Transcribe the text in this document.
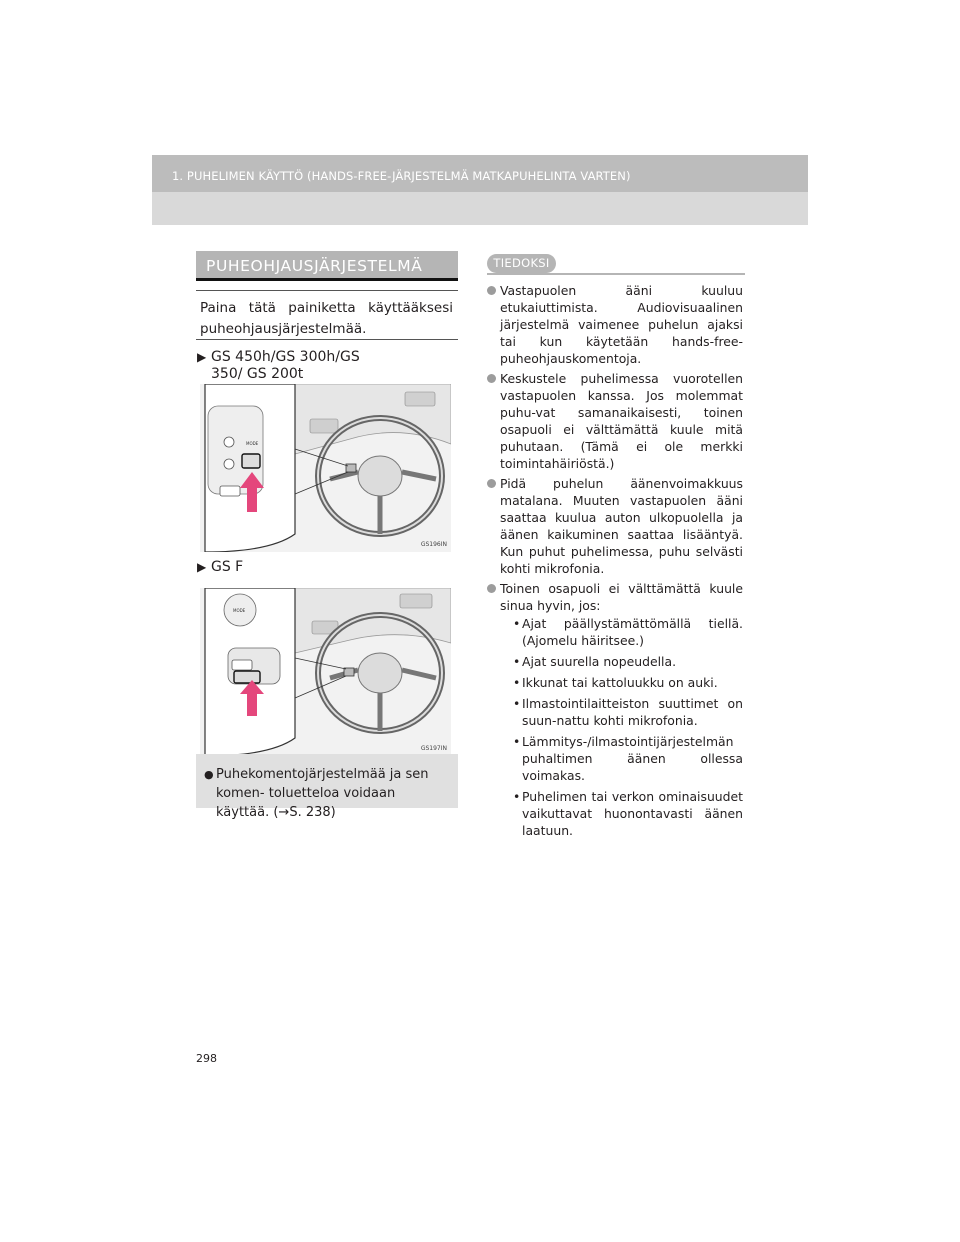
1. PUHELIMEN KÄYTTÖ (HANDS-FREE-JÄRJESTELMÄ MATKAPUHELINTA VARTEN)
PUHEOHJAUSJÄRJESTELMÄ
Paina tätä painiketta käyttääksesi puheohjausjärjestelmää.
▶ GS 450h/GS 300h/GS 350/ GS 200t
MODE
GS196IN
▶ GS F
MODE
GS197IN
● Puhekomentojärjestelmää ja sen komen- toluetteloa voidaan käyttää. (→S. 238)
TIEDOKSI
Vastapuolen ääni kuuluu etukaiuttimista. Audiovisuaalinen järjestelmä vaimenee puhelun ajaksi tai kun käytetään hands-free-puheohjauskomentoja.
Keskustele puhelimessa vuorotellen vastapuolen kanssa. Jos molemmat puhu-vat samanaikaisesti, toinen osapuoli ei välttämättä kuule mitä puhutaan. (Tämä ei ole merkki toimintahäiriöstä.)
Pidä puhelun äänenvoimakkuus matalana. Muuten vastapuolen ääni saattaa kuulua auton ulkopuolella ja äänen kaikuminen saattaa lisääntyä. Kun puhut puhelimessa, puhu selvästi kohti mikrofonia.
Toinen osapuoli ei välttämättä kuule sinua hyvin, jos:
• Ajat päällystämättömällä tiellä. (Ajomelu häiritsee.)
• Ajat suurella nopeudella.
• Ikkunat tai kattoluukku on auki.
• Ilmastointilaitteiston suuttimet on suun-nattu kohti mikrofonia.
• Lämmitys-/ilmastointijärjestelmän puhaltimen äänen ollessa voimakas.
• Puhelimen tai verkon ominaisuudet vaikuttavat huonontavasti äänen laatuun.
298
